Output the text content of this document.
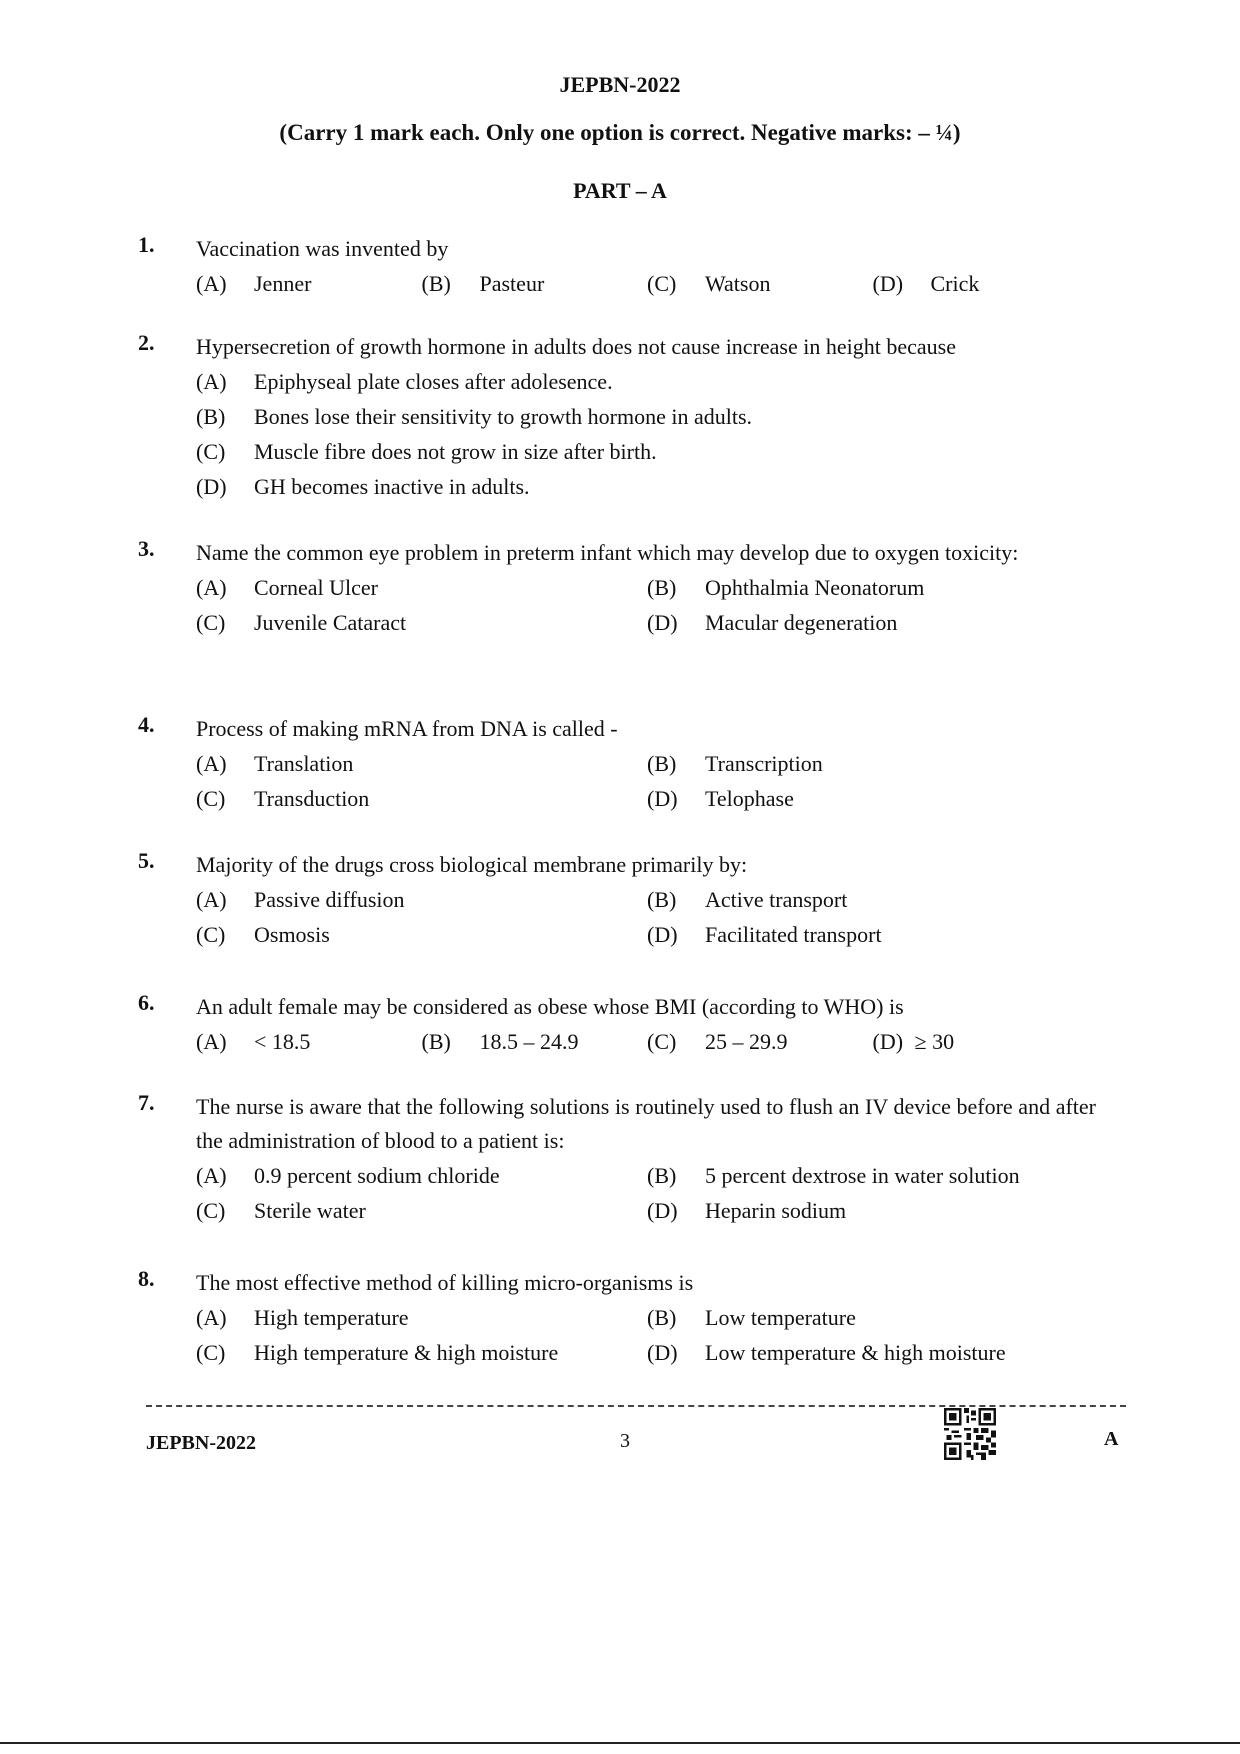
JEPBN-2022
(Carry 1 mark each. Only one option is correct. Negative marks: – ¼)
PART – A
1. Vaccination was invented by
(A)	Jenner	(B)	Pasteur	(C)	Watson	(D)	Crick
2. Hypersecretion of growth hormone in adults does not cause increase in height because
(A)	Epiphyseal plate closes after adolesence.
(B)	Bones lose their sensitivity to growth hormone in adults.
(C)	Muscle fibre does not grow in size after birth.
(D)	GH becomes inactive in adults.
3. Name the common eye problem in preterm infant which may develop due to oxygen toxicity:
(A)	Corneal Ulcer	(B)	Ophthalmia Neonatorum
(C)	Juvenile Cataract	(D)	Macular degeneration
4. Process of making mRNA from DNA is called -
(A)	Translation	(B)	Transcription
(C)	Transduction	(D)	Telophase
5. Majority of the drugs cross biological membrane primarily by:
(A)	Passive diffusion	(B)	Active transport
(C)	Osmosis	(D)	Facilitated transport
6. An adult female may be considered as obese whose BMI (according to WHO) is
(A)	< 18.5	(B)	18.5 – 24.9	(C)	25 – 29.9	(D) ≥ 30
7. The nurse is aware that the following solutions is routinely used to flush an IV device before and after the administration of blood to a patient is:
(A)	0.9 percent sodium chloride	(B)	5 percent dextrose in water solution
(C)	Sterile water	(D)	Heparin sodium
8. The most effective method of killing micro-organisms is
(A)	High temperature	(B)	Low temperature
(C)	High temperature & high moisture	(D)	Low temperature & high moisture
JEPBN-2022	3	A
